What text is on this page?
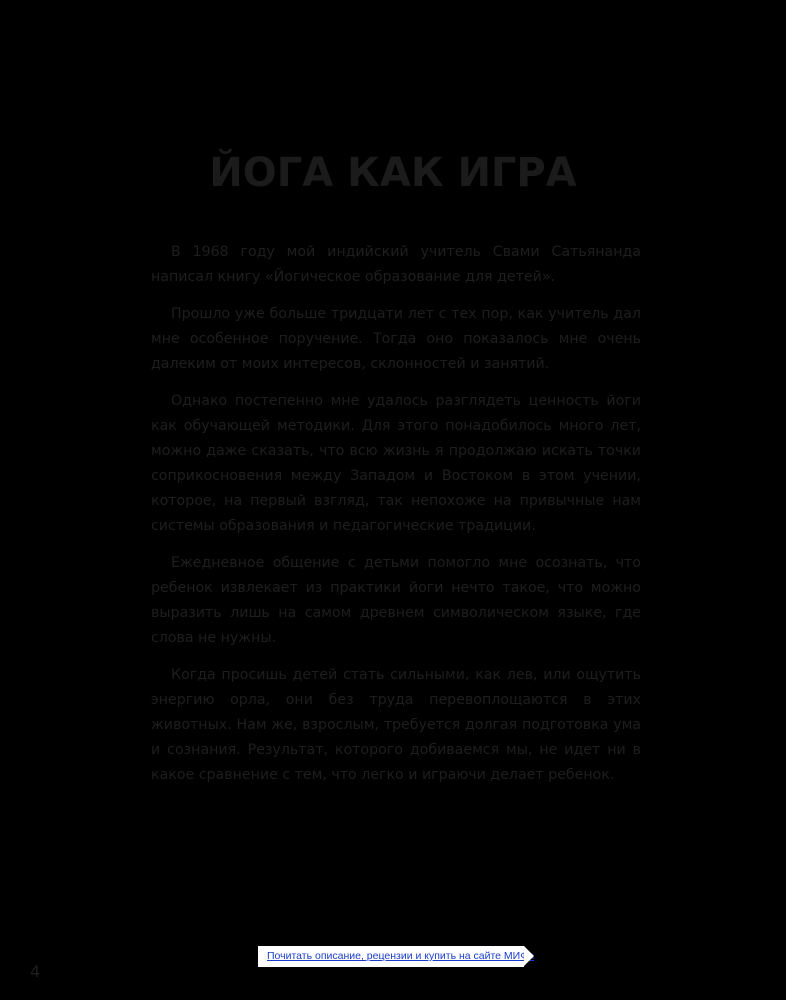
ЙОГА КАК ИГРА

В 1968 году мой индийский учитель Свами Сатьянанда написал книгу «Йогическое образование для детей».

Прошло уже больше тридцати лет с тех пор, как учитель дал мне особенное поручение. Тогда оно показалось мне очень далеким от моих интересов, склонностей и занятий.

Однако постепенно мне удалось разглядеть ценность йоги как обучающей методики. Для этого понадобилось много лет, можно даже сказать, что всю жизнь я продолжаю искать точки соприкосновения между Западом и Востоком в этом учении, которое, на первый взгляд, так непохоже на привычные нам системы образования и педагогические традиции.

Ежедневное общение с детьми помогло мне осознать, что ребенок извлекает из практики йоги нечто такое, что можно выразить лишь на самом древнем символическом языке, где слова не нужны.

Когда просишь детей стать сильными, как лев, или ощутить энергию орла, они без труда перевоплощаются в этих животных. Нам же, взрослым, требуется долгая подготовка ума и сознания. Результат, которого добиваемся мы, не идет ни в какое сравнение с тем, что легко и играючи делает ребенок.

4
Почитать описание, рецензии и купить на сайте МИФа
